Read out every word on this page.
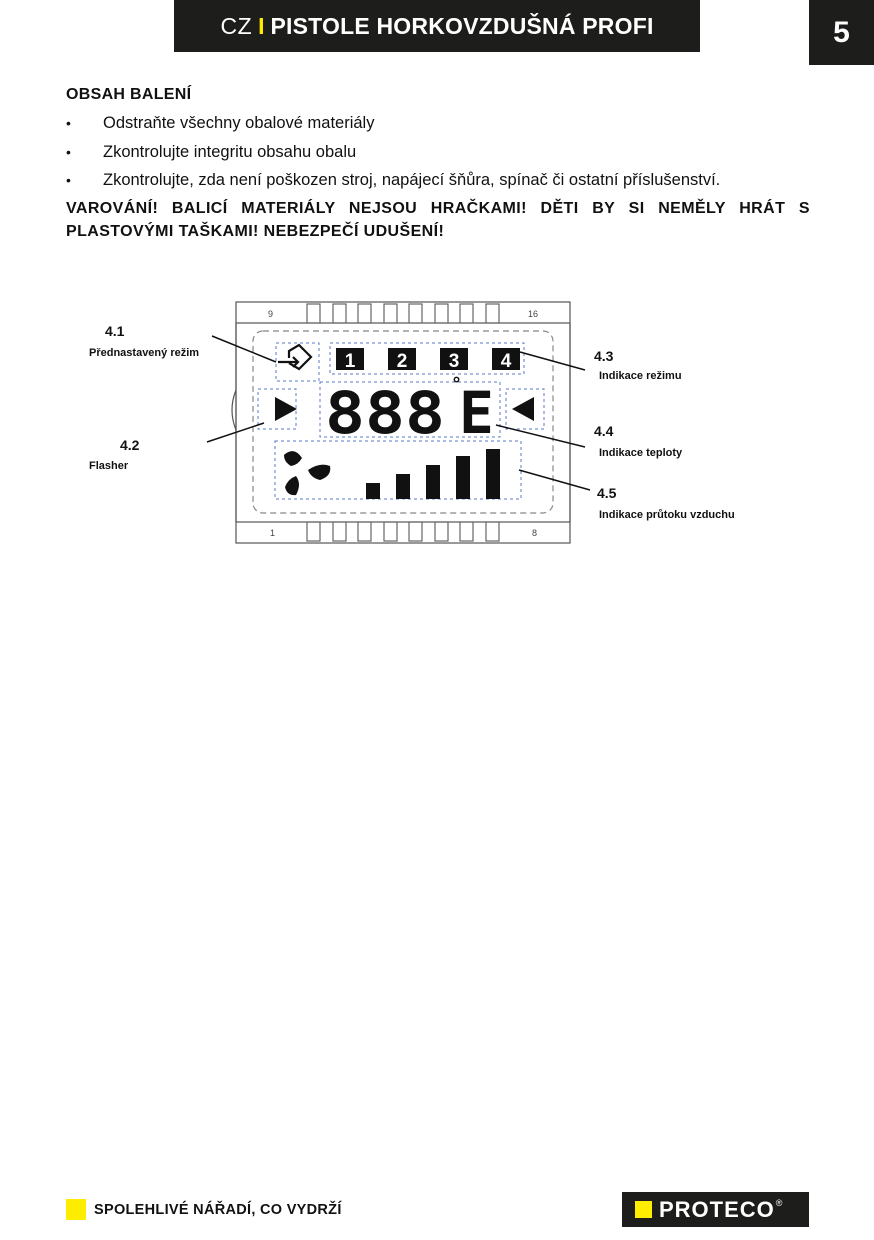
CZ I PISTOLE HORKOVZDUŠNÁ PROFI	5
OBSAH BALENÍ
• Odstraňte všechny obalové materiály
• Zkontrolujte integritu obsahu obalu
• Zkontrolujte, zda není poškozen stroj, napájecí šňůra, spínač či ostatní příslušenství.
VAROVÁNÍ! BALICÍ MATERIÁLY NEJSOU HRAČKAMI! DĚTI BY SI NEMĚLY HRÁT S PLASTOVÝMI TAŠKAMI! NEBEZPEČÍ UDUŠENÍ!
9	16
1	8
1 2 3 4
888 °
E
4.1
Přednastavený režim
4.2
Flasher
4.3
Indikace režimu
4.4
Indikace teploty
4.5
Indikace průtoku vzduchu
SPOLEHLIVÉ NÁŘADÍ, CO VYDRŽÍ	PROTECO ®
